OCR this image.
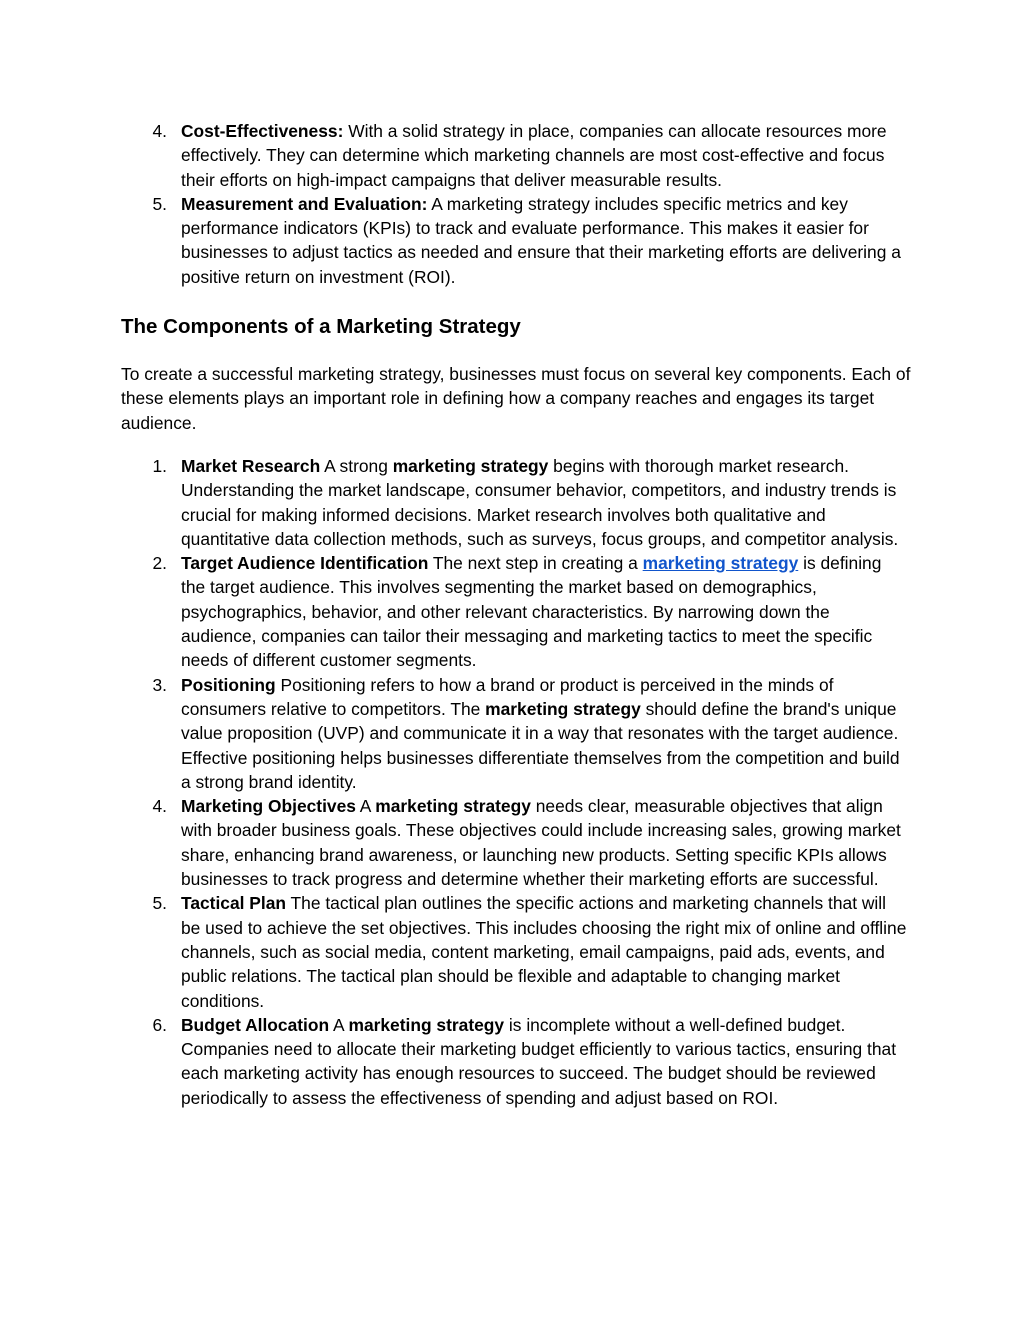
4 . Cost-Effectiveness: With a solid strategy in place, companies can allocate resources more effectively. They can determine which marketing channels are most cost-effective and focus their efforts on high-impact campaigns that deliver measurable results.
5 . Measurement and Evaluation: A marketing strategy includes specific metrics and key performance indicators (KPIs) to track and evaluate performance. This makes it easier for businesses to adjust tactics as needed and ensure that their marketing efforts are delivering a positive return on investment (ROI).
The Components of a Marketing Strategy

To create a successful marketing strategy, businesses must focus on several key components. Each of these elements plays an important role in defining how a company reaches and engages its target audience.

1 . Market Research A strong marketing strategy begins with thorough market research. Understanding the market landscape, consumer behavior, competitors, and industry trends is crucial for making informed decisions. Market research involves both qualitative and quantitative data collection methods, such as surveys, focus groups, and competitor analysis.
2 . Target Audience Identification The next step in creating a marketing strategy is defining the target audience. This involves segmenting the market based on demographics, psychographics, behavior, and other relevant characteristics. By narrowing down the audience, companies can tailor their messaging and marketing tactics to meet the specific needs of different customer segments.
3 . Positioning Positioning refers to how a brand or product is perceived in the minds of consumers relative to competitors. The marketing strategy should define the brand's unique value proposition (UVP) and communicate it in a way that resonates with the target audience. Effective positioning helps businesses differentiate themselves from the competition and build a strong brand identity.
4 . Marketing Objectives A marketing strategy needs clear, measurable objectives that align with broader business goals. These objectives could include increasing sales, growing market share, enhancing brand awareness, or launching new products. Setting specific KPIs allows businesses to track progress and determine whether their marketing efforts are successful.
5 . Tactical Plan The tactical plan outlines the specific actions and marketing channels that will be used to achieve the set objectives. This includes choosing the right mix of online and offline channels, such as social media, content marketing, email campaigns, paid ads, events, and public relations. The tactical plan should be flexible and adaptable to changing market conditions.
6 . Budget Allocation A marketing strategy is incomplete without a well-defined budget. Companies need to allocate their marketing budget efficiently to various tactics, ensuring that each marketing activity has enough resources to succeed. The budget should be reviewed periodically to assess the effectiveness of spending and adjust based on ROI.
